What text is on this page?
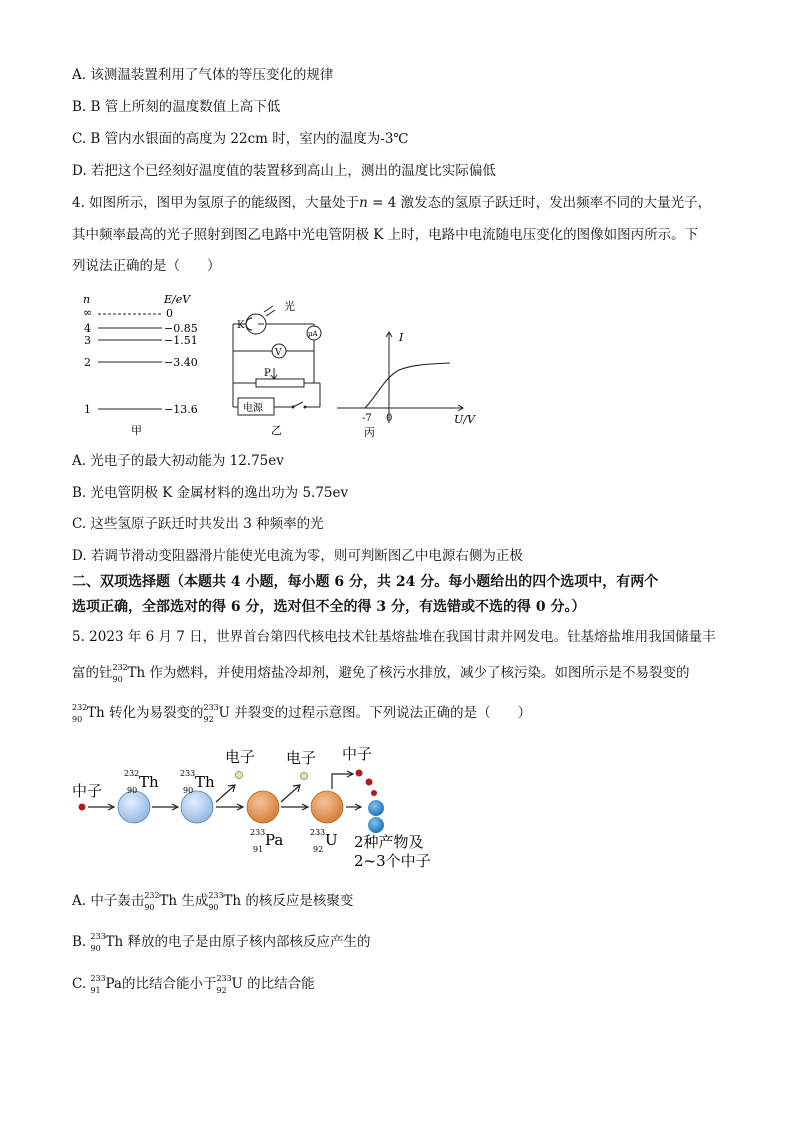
A. 该测温装置利用了气体的等压变化的规律
B. B 管上所刻的温度数值上高下低
C. B 管内水银面的高度为 22cm 时，室内的温度为-3℃
D. 若把这个已经刻好温度值的装置移到高山上，测出的温度比实际偏低
4. 如图所示，图甲为氢原子的能级图，大量处于n = 4 激发态的氢原子跃迁时，发出频率不同的大量光子，
其中频率最高的光子照射到图乙电路中光电管阴极 K 上时，电路中电流随电压变化的图像如图丙所示。下
列说法正确的是（　　）
n	E/eV
∞	0
4	−0.85
3	−1.51
2	−3.40
1	−13.6
甲
光
K
μA
V
P
电源
乙
I
-7 0	U/V
丙
A. 光电子的最大初动能为 12.75ev
B. 光电管阴极 K 金属材料的逸出功为 5.75ev
C. 这些氢原子跃迁时共发出 3 种频率的光
D. 若调节滑动变阻器滑片能使光电流为零，则可判断图乙中电源右侧为正极
二、双项选择题（本题共 4 小题，每小题 6 分，共 24 分。每小题给出的四个选项中，有两个
选项正确，全部选对的得 6 分，选对但不全的得 3 分，有选错或不选的得 0 分。）
5. 2023 年 6 月 7 日，世界首台第四代核电技术钍基熔盐堆在我国甘肃并网发电。钍基熔盐堆用我国储量丰
富的钍 232
90 Th 作为燃料，并使用熔盐冷却剂，避免了核污水排放，减少了核污染。如图所示是不易裂变的
232
90 Th 转化为易裂变的 233
92 U 并裂变的过程示意图。下列说法正确的是（　　）
中子
232
90 Th	233
90 Th
电子
233
91
Pa
电子
233
92
U
中子
2种产物及
2~3个中子
A. 中子轰击 232
90 Th 生成 233
90 Th 的核反应是核聚变
B. 233
90 Th 释放的电子是由原子核内部核反应产生的
C. 233
91 Pa的比结合能小于 233
92 U 的比结合能
